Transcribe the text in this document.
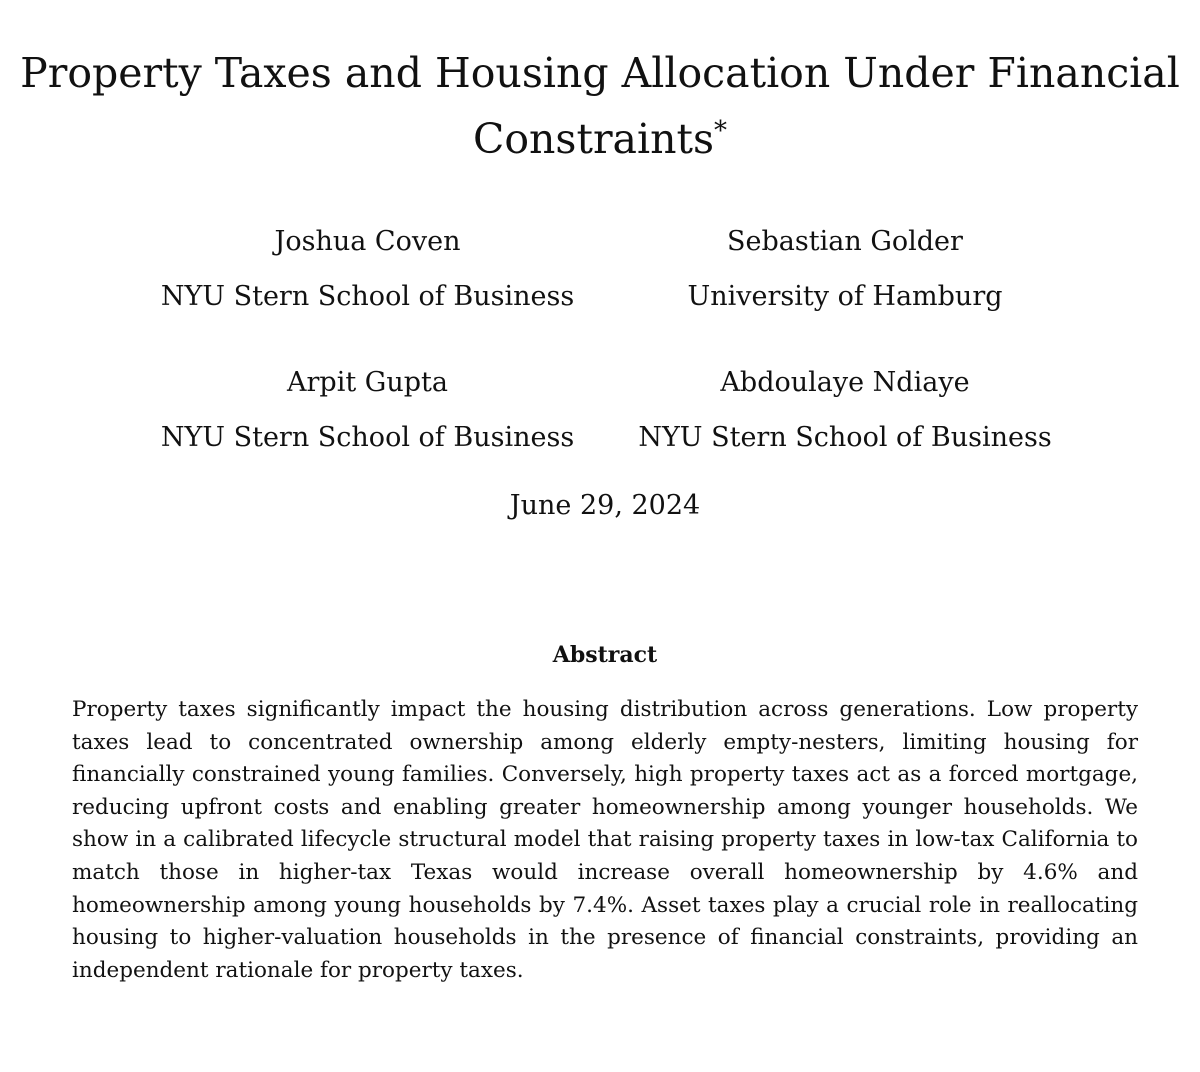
Property Taxes and Housing Allocation Under Financial
Constraints*
Joshua Coven
NYU Stern School of Business
Sebastian Golder
University of Hamburg
Arpit Gupta
NYU Stern School of Business
Abdoulaye Ndiaye
NYU Stern School of Business
June 29, 2024
Abstract
Property taxes significantly impact the housing distribution across generations. Low property taxes lead to concentrated ownership among elderly empty-nesters, limiting housing for financially constrained young families. Conversely, high property taxes act as a forced mortgage, reducing upfront costs and enabling greater homeownership among younger households. We show in a calibrated lifecycle structural model that raising property taxes in low-tax California to match those in higher-tax Texas would increase overall homeownership by 4.6% and homeownership among young households by 7.4%. Asset taxes play a crucial role in reallocating housing to higher-valuation households in the presence of financial constraints, providing an independent rationale for property taxes.
